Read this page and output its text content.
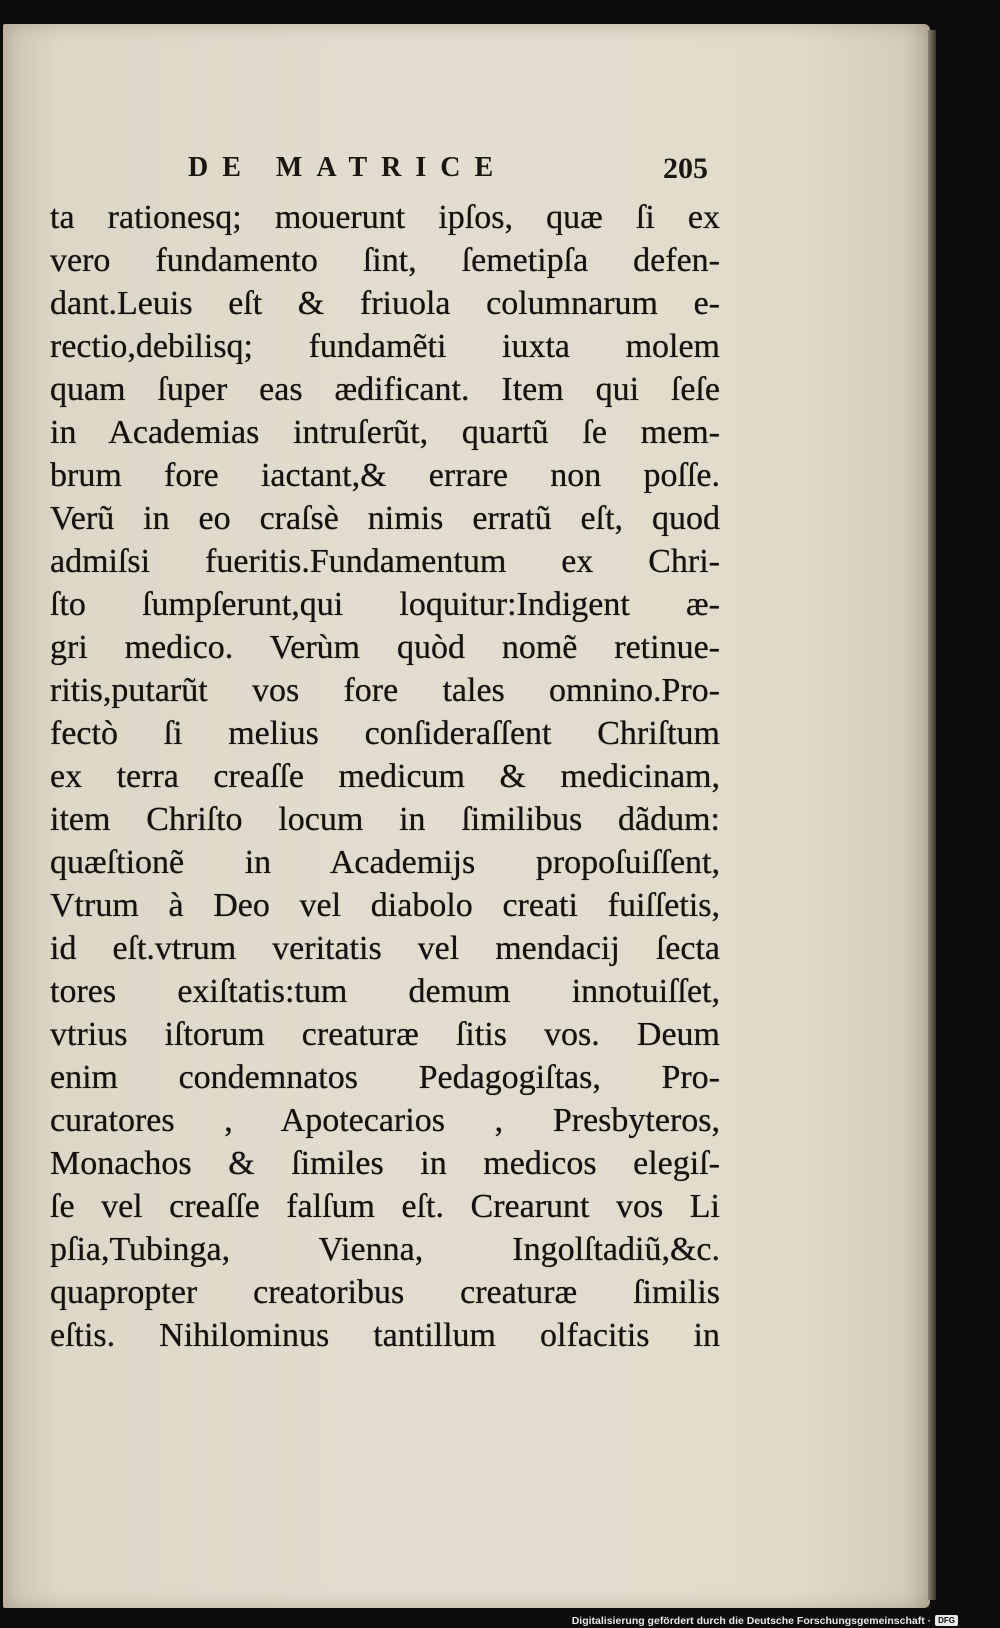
DE MATRICE	205
ta rationesq; mouerunt ipſos, quæ ſi ex
vero fundamento ſint, ſemetipſa defen-
dant.Leuis eſt & friuola columnarum e-
rectio,debilisq; fundamẽti iuxta molem
quam ſuper eas ædificant. Item qui ſeſe
in Academias intruſerũt, quartũ ſe mem-
brum fore iactant,& errare non poſſe.
Verũ in eo craſsè nimis erratũ eſt, quod
admiſsi fueritis.Fundamentum ex Chri-
ſto ſumpſerunt,qui loquitur:Indigent æ-
gri medico. Verùm quòd nomẽ retinue-
ritis,putarũt vos fore tales omnino.Pro-
fectò ſi melius conſideraſſent Chriſtum
ex terra creaſſe medicum & medicinam,
item Chriſto locum in ſimilibus dãdum:
quæſtionẽ in Academijs propoſuiſſent,
Vtrum à Deo vel diabolo creati fuiſſetis,
id eſt.vtrum veritatis vel mendacij ſecta
tores exiſtatis:tum demum innotuiſſet,
vtrius iſtorum creaturæ ſitis vos. Deum
enim condemnatos Pedagogiſtas, Pro-
curatores , Apotecarios , Presbyteros,
Monachos & ſimiles in medicos elegiſ-
ſe vel creaſſe falſum eſt. Crearunt vos Li
pſia,Tubinga, Vienna, Ingolſtadiũ,&c.
quapropter creatoribus creaturæ ſimilis
eſtis. Nihilominus tantillum olfacitis in
Digitalisierung gefördert durch die Deutsche Forschungsgemeinschaft · DFG
